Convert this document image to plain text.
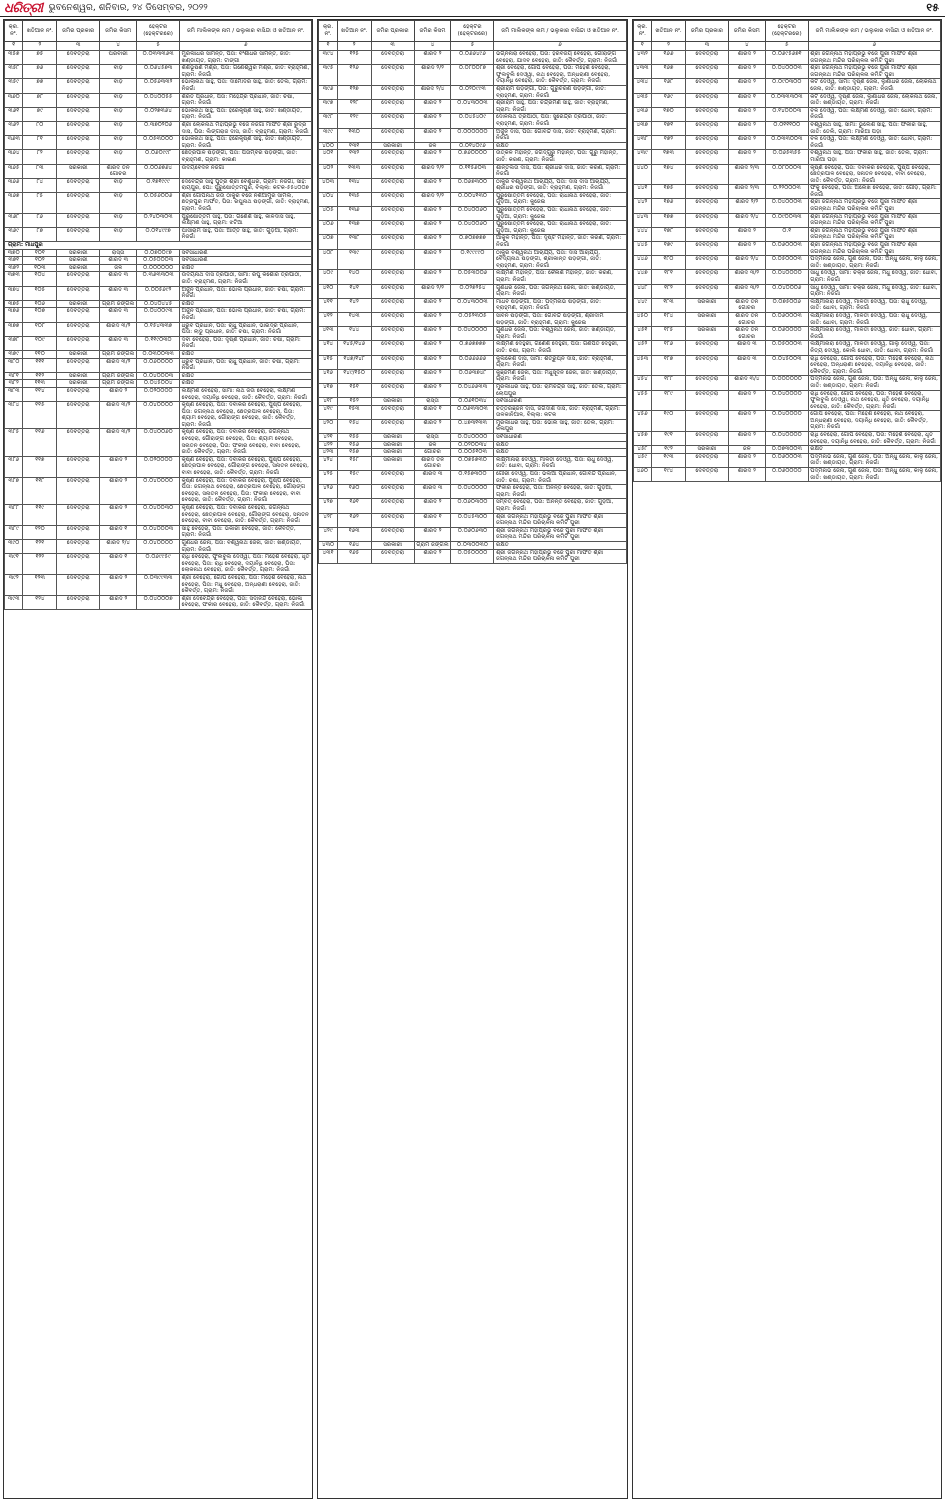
ଧରିତ୍ରୀ ଭୁବନେଶ୍ୱର, ଶନିବାର, ୨୪ ଡିସେମ୍ବର, ୨୦୨୨	୧୫
କ୍ର. ନଂ.	ଖତିଆନ ନଂ.	ଜମିର ପ୍ରକାର	ଜମିର କିସମ	ହେକ୍ଟର (ହେକ୍ଟରରେ)	ଜମି ମାଲିକଙ୍କ ନାମ / ଭଲୁକାର ବାସିନ୍ଦା ଓ ଖତିଆନ ନଂ.
୧	୨	୩	୪	୫	୬
୩୫୭	୭୫	ଦେବତ୍ତରା	ଘରବାରୀ	୦.୦୩୩୩୬୩	ମୁରଲୀଧର ସାମନ୍ତ, ପିତା: ବଂଶୀଧର ସାମନ୍ତ, ଜାତି: ଖଣ୍ଡାୟତ, ଗ୍ରାମ: ଟାଙ୍ଗୀ
୩୫୮	୭୬	ଦେବତ୍ତରା	ବାଡ଼	୦.୦୬୪୫୭୩	ଶଶିଭୂଷଣ ମିଶ୍ର, ପିତା: ଗଣେଶ୍ୱର ମିଶ୍ର, ଜାତି: ବ୍ରାହ୍ମଣ, ଗ୍ରାମ: ନିଜଗାଁ
୩୫୯	୭୭	ଦେବତ୍ତରା	ବାଡ଼	୦.୦୫୬୩୩୨	ଭୋଲାନାଥ ସାହୁ, ପିତା: ଦାମୋଦର ସାହୁ, ଜାତି: ତେଲି, ଗ୍ରାମ: ନିଜଗାଁ
୩୬୦	୭୮	ଦେବତ୍ତରା	ବାଡ଼	୦.୦୪୦୦୫୫	ଶରତ ପ୍ରଧାନ, ପିତା: ମହେନ୍ଦ୍ର ପ୍ରଧାନ, ଜାତି: ଚଷା, ଗ୍ରାମ: ନିଜଗାଁ
୩୬୧	୭୯	ଦେବତ୍ତରା	ବାଡ଼	୦.୦୨୭୩୬୪	ଭୋକନାଥ ସାହୁ, ପିତା: ହରେକୃଷ୍ଣ ସାହୁ, ଜାତି: ଖଣ୍ଡାୟତ, ଗ୍ରାମ: ନିଜଗାଁ
୩୬୨	୮୦	ଦେବତ୍ତରା	ବାଡ଼	୦.୩୭୦୨୦୬	ଶ୍ରୀ ଲୋକନାଥ ମହାପ୍ରଭୁ ବିଜେ ନିଜଗାଁ ମାର୍ଫତ ଶ୍ରୀ ରୁଦ୍ର ଦାସ, ପିତା: ଲିଙ୍ଗରାଜ ଦାସ, ଜାତି: ବ୍ରାହ୍ମଣ, ଗ୍ରାମ: ନିଜଗାଁ
୩୬୩	୮୧	ଦେବତ୍ତରା	ବାଡ଼	୦.୦୫୩୦୦୦	ଭୋକନାଥ ସାହୁ, ପିତା: ହରେକୃଷ୍ଣ ସାହୁ, ଜାତି: ଖଣ୍ଡାୟତ, ଗ୍ରାମ: ନିଜଗାଁ
୩୬୪	୮୨	ଦେବତ୍ତରା	ବାଡ଼	୦.୦୬୦୯୯୮	ଛେତ୍ରପାଳ ଷଡ଼ଙ୍ଗୀ, ପିତା: ପିତାମ୍ବର ଷଡ଼ଙ୍ଗୀ, ଜାତି: ବ୍ରାହ୍ମଣ, ଗ୍ରାମ: କାଇଣ
୩୬୫	୮୩	ସରକାରୀ	ଶାରଦ ତିନି ଗୋଚର	୦.୦୦୬୭୬୪	ଉଦୟବେଦନ ନିଜଗାଁ
୩୬୬	୮୪	ଦେବତ୍ତରା	ବାଡ଼	୦.୧୭୧୯୯୯	ଦେବେନ୍ଦ୍ର ସାହୁ ପୁତ୍ର ଶ୍ରୀ ବେଣୁଧର, ଗ୍ରାମ: ନିଜଗାଁ, ସାହି: ରାୟପୁର, ପୋ: ପୁରୁଷୋତ୍ତମପୁର, ବିଲ୍ଲା: କଟକ-୫୫୪୦୦୭
୩୬୭	୮୫	ଦେବତ୍ତରା	ବାଡ଼	୦.୦୫୬୦୦୬	ଶ୍ରୀ ଗୋପିନାଥ ଜିଉ ଠାକୁର ବିଜେ ନିଶିଆମୁର ସାମିଲ, ଛତ୍ରପୁର ମାର୍ଫତ, ପିତା: ରଘୁନାଥ ଷଡ଼ଙ୍ଗୀ, ଜାତି: ବ୍ରାହ୍ମଣ, ଗ୍ରାମ: ନିଜଗାଁ
୩୬୮	୮୬	ଦେବତ୍ତରା	ବାଡ଼	୦.୨୪୦୩୦୩	ପୁରୁଷୋତ୍ତମ ସାହୁ, ପିତା: ଗଣେଶ ସାହୁ, କାଳିଦାସ ସାହୁ, ଲକ୍ଷ୍ମଣ ସାହୁ, ଗ୍ରାମ: ଝଟିଆ
୩୬୯	୮୭	ଦେବତ୍ତରା	ବାଡ଼	୦.୦୧୪୯୯୭	ଘାସୀରାମ ସାହୁ, ପିତା: ଆର୍ତ୍ତ ସାହୁ, ଜାତି: ଗୁଡ଼ିଆ, ଗ୍ରାମ: ନିଜଗାଁ
ଗ୍ରାମ: ମାଧପୁର					
୩୭୦	୧୦୧	ସରକାରୀ	ରାସ୍ତା	୦.୦୭୦୦୯୭	ସର୍ବସାଧାରଣ
୩୭୧	୧୦୨	ସରକାରୀ	ଶାରଦ ୩	୦.୦୫୦୦୦୩	ସର୍ବସାଧାରଣ
୩୭୨	୧୦୩	ସରକାରୀ	ଜଳ	୦.୦୦୦୦୦୦	ରକ୍ଷିତ
୩୭୩	୧୦୪	ଦେବତ୍ତରା	ଶାରଦ ୩	୦.୩୬୩୩୦୩	ଉଦୟନାଥ ଦାସ ତ୍ରିପାଠୀ, ସାମା: ରଘୁ କିଶୋର ତ୍ରିପାଠୀ, ଜାତି: ବ୍ରାହ୍ମଣ, ଗ୍ରାମ: ନିଜଗାଁ
୩୭୪	୧୦୫	ଦେବତ୍ତରା	ଶାରଦ ୩	୦.୦୦୫୬୯୨	ଅର୍ଜୁନ ପ୍ରଧାନ, ପିତା: ଭୋଲି ପ୍ରଧାନ, ଜାତି: ଚଷା, ଗ୍ରାମ: ନିଜଗାଁ
୩୭୫	୧୦୬	ସରକାରୀ	ଗ୍ରାମ ଜଙ୍ଗଲ	୦.୦୪୦୪୪୫	ରକ୍ଷିତ
୩୭୬	୧୦୭	ଦେବତ୍ତରା	ଶାରଦ ୩	୦.୦୪୦୦୯୩	ଅର୍ଜୁନ ପ୍ରଧାନ, ପିତା: ଭୋଲି ପ୍ରଧାନ, ଜାତି: ଚଷା, ଗ୍ରାମ: ନିଜଗାଁ
୩୭୭	୧୦୮	ଦେବତ୍ତରା	ଶାରଦ ୩/୨	୦.୧୫୪୩୩୭	ଧ୍ରୁବ ପ୍ରଧାନ, ପିତା: ରାଧୁ ପ୍ରଧାନ, ଭାଇଦ୍ର ପ୍ରଧାନ, ପିତା: ଲାଡୁ ପ୍ରଧାନ, ଜାତି: ଚଷା, ଗ୍ରାମ: ନିଜଗାଁ
୩୭୮	୧୦୯	ଦେବତ୍ତରା	ଶାରଦ ୩	୦.୧୧୯୦୩୦	ଦିବା ବେହେରା, ପିତା: ଦୃଷ୍ଣ ପ୍ରଧାନ, ଜାତି: ଚଷା, ଗ୍ରାମ: ନିଜଗାଁ
୩୭୯	୧୧୦	ସରକାରୀ	ଗ୍ରାମ ଜଙ୍ଗଲ	୦.୦୩୦୦୩୩	ରକ୍ଷିତ
୩୮୦	୧୧୧	ଦେବତ୍ତରା	ଶାରଦ ୩/୨	୦.୦୬୦୦୦୦	ଧ୍ରୁବ ପ୍ରଧାନ, ପିତା: ରାଧୁ ପ୍ରଧାନ, ଜାତି: ଚଷା, ଗ୍ରାମ: ନିଜଗାଁ
୩୮୧	୧୧୨	ସରକାରୀ	ଗ୍ରାମ ଜଙ୍ଗଲ	୦.୦୪୦୦୦୩	ରକ୍ଷିତ
୩୮୨	୧୧୩	ସରକାରୀ	ଗ୍ରାମ ଜଙ୍ଗଲ	୦.୦୪୫୦୦୪	ରକ୍ଷିତ
୩୮୩	୧୧୪	ଦେବତ୍ତରା	ଶାରଦ ୨	୦.୦୨୦୦୦୦	ଲକ୍ଷ୍ମଣ ବେହେରା, ସାମା: ନାଥ ଜିଉ ବେହେରା, ଲକ୍ଷ୍ମଣ ବେହେରା, ଦୟାନିଧି ବେହେରା, ଜାତି: କୈବର୍ତ୍ତ, ଗ୍ରାମ: ନିଜଗାଁ
୩୮୪	୧୧୫	ଦେବତ୍ତରା	ଶାରଦ ୩/୨	୦.୦୪୦୦୦୦	କୃଷ୍ଣ ବେହେରା, ପିତା: ଦିବାକର ବେହେରା, ପୁଷ୍ପ ବେହେରା, ପିତା: ଜଗନ୍ନାଥ ବେହେରା, ଛେତ୍ରପାଳ ବେହେରା, ପିତା: ଶ୍ୟାମ ବେହେରା, ଗୌରାଙ୍ଗ ବେହେରା, ଜାତି: କୈବର୍ତ୍ତ, ଗ୍ରାମ: ନିଜଗାଁ
୩୮୫	୧୧୬	ଦେବତ୍ତରା	ଶାରଦ ୩/୨	୦.୦୪୦୦୬୦	କୃଷ୍ଣ ବେହେରା, ପିତା: ଦିବାକର ବେହେରା, ଜଗନ୍ନାଥ ବେହେରା, ଗୌରାଙ୍ଗ ବେହେରା, ପିତା: ଶ୍ୟାମ ବେହେରା, ସନାତନ ବେହେରା, ପିତା: ଫକୀର ବେହେରା, ବାବା ବେହେରା, ଜାତି: କୈବର୍ତ୍ତ, ଗ୍ରାମ: ନିଜଗାଁ
୩୮୬	୧୧୭	ଦେବତ୍ତରା	ଶାରଦ ୨	୦.୦୨୦୦୦୦	କୃଷ୍ଣ ବେହେରା, ପିତା: ଦିବାକର ବେହେରା, ପୁଷ୍ପ ବେହେରା, ଛେତ୍ରପାଳ ବେହେରା, ଗୌରାଙ୍ଗ ବେହେରା, ସନାତନ ବେହେରା, ବାବା ବେହେରା, ଜାତି: କୈବର୍ତ୍ତ, ଗ୍ରାମ: ନିଜଗାଁ
୩୮୭	୧୧୮	ଦେବତ୍ତରା	ଶାରଦ ୨	୦.୦୪୦୦୦୦	କୃଷ୍ଣ ବେହେରା, ପିତା: ଦିବାକର ବେହେରା, ପୁଷ୍ପ ବେହେରା, ପିତା: ଜଗନ୍ନାଥ ବେହେରା, ଛେତ୍ରପାଳ ବେହେରା, ଗୌରାଙ୍ଗ ବେହେରା, ସନାତନ ବେହେରା, ପିତା: ଫକୀର ବେହେରା, ବାବା ବେହେରା, ଜାତି: କୈବର୍ତ୍ତ, ଗ୍ରାମ: ନିଜଗାଁ
୩୮୮	୧୧୯	ଦେବତ୍ତରା	ଶାରଦ ୨	୦.୦୪୦୦୩୦	କୃଷ୍ଣ ବେହେରା, ପିତା: ଦିବାକର ବେହେରା, ଜଗନ୍ନାଥ ବେହେରା, ଛେତ୍ରପାଳ ବେହେରା, ଗୌରାଙ୍ଗ ବେହେରା, ସନାତନ ବେହେରା, ବାବା ବେହେରା, ଜାତି: କୈବର୍ତ୍ତ, ଗ୍ରାମ: ନିଜଗାଁ
୩୮୯	୧୨୦	ଦେବତ୍ତରା	ଶାରଦ ୧	୦.୦୪୦୦୦୩	ସାହୁ ବେହେରା, ପିତା: ଭିକାରୀ ବେହେରା, ଜାତି: କୈବର୍ତ୍ତ, ଗ୍ରାମ: ନିଜଗାଁ
୩୯୦	୧୨୧	ଦେବତ୍ତରା	ଶାରଦ ୨/୪	୦.୦୪୦୦୦୦	ଗୁଣଧର ଜେନା, ପିତା: ବିଶ୍ୱନାଥ ଜେନା, ଜାତି: ଖଣ୍ଡାୟତ, ଗ୍ରାମ: ନିଜଗାଁ
୩୯୧	୧୨୨	ଦେବତ୍ତରା	ଶାରଦ ୧	୦.୦୬୯୯୫୯	ରାଧି ବେହେରା, ଫୁଲବୁଲି ଦେଓ୍ୱା, ପିତା: ମହେଶ ବେହେରା, ଧୃତି ବେହେରା, ପିତା: ରାଧି ବେହେରା, ଦୟାନିଧି ବେହେରା, ପିତା: ଲୋକନାଥ ବେହେରା, ଜାତି: କୈବର୍ତ୍ତ, ଗ୍ରାମ: ନିଜଗାଁ
୩୯୨	୧୨୩	ଦେବତ୍ତରା	ଶାରଦ ୨	୦.୦୩୯୯୩୩	ଶ୍ରୀ ବେହେରା, ଗୋପି ବେହେରା, ପିତା: ମହେଶ ବେହେରା, ନାଥ ବେହେରା, ପିତା: ମଧୁ ବେହେରା, ଅନ୍ଧରାଣୀ ବେହେରା, ଜାତି: କୈବର୍ତ୍ତ, ଗ୍ରାମ: ନିଜଗାଁ
୩୯୩	୧୨୪	ଦେବତ୍ତରା	ଶାରଦ ୨	୦.୦୪୦୦୦୭	ଶ୍ରୀ ଦେବେନ୍ଦ୍ର ବେହେରା, ପିତା: ସଦାନନ୍ଦ ବେହେରା, ଭୋଳା ବେହେରା, ଫକୀର ବେହେରା, ଜାତି: କୈବର୍ତ୍ତ, ଗ୍ରାମ: ନିଜଗାଁ
କ୍ର. ନଂ.	ଖତିଆନ ନଂ.	ଜମିର ପ୍ରକାର	ଜମିର କିସମ	ହେକ୍ଟର (ହେକ୍ଟରରେ)	ଜମି ମାଲିକଙ୍କ ନାମ / ଭଲୁକାର ବାସିନ୍ଦା ଓ ଖତିଆନ ନଂ.
୧	୨	୩	୪	୫	୬
୩୯୪	୧୨୫	ଦେବତ୍ତରା	ଶାରଦ ୨	୦.୦୬୬୪୯୬	ଭଗ୍ନନାରା ବେହେରା, ପିତା: ହରିବିଜୟ ବେହେରା, ଗୌରାଙ୍ଗ ବେହେରା, ଯାଦବ ବେହେରା, ଜାତି: କୈବର୍ତ୍ତ, ଗ୍ରାମ: ନିଜଗାଁ
୩୯୫	୧୨୬	ଦେବତ୍ତରା	ଶାରଦ ୨/୨	୦.୦୮୦୦୮୭	ଶ୍ରୀ ବେହେରା, ଗୋପି ବେହେରା, ପିତା: ମହେଶ ବେହେରା, ଫୁଲବୁଲି ଦେଓ୍ୱା, ନାଥ ବେହେରା, ଅନ୍ଧରାଣୀ ବେହେରା, ଦୟାନିଧି ବେହେରା, ଜାତି: କୈବର୍ତ୍ତ, ଗ୍ରାମ: ନିଜଗାଁ
୩୯୬	୧୨୭	ଦେବତ୍ତରା	ଶାରଦ ୨/୪	୦.୦୨୦୯୯୩	ଶ୍ରୀରାମ ଷଡ଼ଙ୍ଗୀ, ପିତା: ଗୁରୁଚରଣ ଷଡ଼ଙ୍ଗୀ, ଜାତି: ବ୍ରାହ୍ମଣ, ଗ୍ରାମ: ନିଜଗାଁ
୩୯୭	୧୨୮	ଦେବତ୍ତରା	ଶାରଦ ୨	୦.୦୪୩୦୦୩	ଶ୍ରୀରାମ ସାହୁ, ପିତା: ଚନ୍ଦ୍ରମଣି ସାହୁ, ଜାତି: ବ୍ରାହ୍ମଣ, ଗ୍ରାମ: ନିଜଗାଁ
୩୯୮	୧୨୯	ଦେବତ୍ତରା	ଶାରଦ ୨	୦.୦୪୫୪୦୯	ଦୋଳିନାଥ ତ୍ରିପାଠୀ, ପିତା: ସୁରେନ୍ଦ୍ର ତ୍ରିପାଠୀ, ଜାତି: ବ୍ରାହ୍ମଣ, ଗ୍ରାମ: ନିଜଗାଁ
୩୯୯	୧୩୦	ଦେବତ୍ତରା	ଶାରଦ ୨	୦.୦୦୦୦୦୦	ଅର୍ଜୁନ ଦାସ, ପିତା: ଗୋବିନ୍ଦ ଦାସ, ଜାତି: ବ୍ରାହ୍ମଣ, ଗ୍ରାମ: ନିଜଗାଁ
୪୦୦	୧୩୧	ସରକାରୀ	ଜଳ	୦.୦୧୪୦୯୬	ରକ୍ଷିତ
୪୦୧	୧୩୨	ଦେବତ୍ତରା	ଶାରଦ ୨	୦.୭୬୦୦୦୦	ଉତ୍କଳ ମହାନ୍ତି, ଜଗଦ୍ଗୁରୁ ମହାନ୍ତି, ପିତା: ଗୁରୁ ମହାନ୍ତି, ଜାତି: କରଣ, ଗ୍ରାମ: ନିଜଗାଁ
୪୦୨	୧୩୩	ଦେବତ୍ତରା	ଶାରଦ ୨/୨	୦.୧୧୫୬୦୩	ଶାନ୍ତିଲତା ଦାସ, ପିତା: ଶ୍ରୀଧର ଦାସ, ଜାତି: କରଣ, ଗ୍ରାମ: ନିଜଗାଁ
୪୦୩	୧୩୪	ଦେବତ୍ତରା	ଶାରଦ ୨	୦.୦୬୭୩୦୦	ଠାକୁର ବିଶ୍ୱନାଥ ଆଚାର୍ଯ୍ୟ, ପିତା: ଦାସ ଦାସ ଆଚାର୍ଯ୍ୟ, ଶ୍ରୀଧର ଷଡ଼ଙ୍ଗୀ, ଜାତି: ବ୍ରାହ୍ମଣ, ଗ୍ରାମ: ନିଜଗାଁ
୪୦୪	୧୩୫	ଦେବତ୍ତରା	ଶାରଦ ୨/୨	୦.୦୦୪୧୩୦	ପୁରୁଷୋତ୍ତମ ବେହେରା, ପିତା: ରାଧାନାଥ ବେହେରା, ଜାତି: ଗୁଡ଼ିଆ, ଗ୍ରାମ: କୁଜେଇ
୪୦୫	୧୩୬	ଦେବତ୍ତରା	ଶାରଦ ୨	୦.୦୪୦୦୬୦	ପୁରୁଷୋତ୍ତମ ବେହେରା, ପିତା: ରାଧାନାଥ ବେହେରା, ଜାତି: ଗୁଡ଼ିଆ, ଗ୍ରାମ: କୁଜେଇ
୪୦୬	୧୩୭	ଦେବତ୍ତରା	ଶାରଦ ୨	୦.୦୪୦୦୬୦	ପୁରୁଷୋତ୍ତମ ବେହେରା, ପିତା: ରାଧାନାଥ ବେହେରା, ଜାତି: ଗୁଡ଼ିଆ, ଗ୍ରାମ: କୁଜେଇ
୪୦୭	୧୩୮	ଦେବତ୍ତରା	ଶାରଦ ୨	୦.୭୦୭୭୭୭	ଆକୁଳି ମହାନ୍ତି, ପିତା: ଦୃଷ୍ଟ ମହାନ୍ତି, ଜାତି: କରଣ, ଗ୍ରାମ: ନିଜଗାଁ
୪୦୮	୧୩୯	ଦେବତ୍ତରା	ଶାରଦ ୨	୦.୧୯୯୯୯୦	ଠାକୁର ବିଶ୍ୱନାଥ ଆଚାର୍ଯ୍ୟ, ପିତା: ଦାସ ଆଚାର୍ଯ୍ୟ, ବୈଦ୍ୟନାଥ ଷଡ଼ଙ୍ଗୀ, ଶ୍ରୀକାନ୍ତ ଷଡ଼ଙ୍ଗୀ, ଜାତି: ବ୍ରାହ୍ମଣ, ଗ୍ରାମ: ନିଜଗାଁ
୪୦୯	୧୪୦	ଦେବତ୍ତରା	ଶାରଦ ୨	୦.୦୫୩୦୦୬	ଲକ୍ଷ୍ମଣ ମହାନ୍ତି, ପିତା: କୈଳାଶ ମହାନ୍ତି, ଜାତି: କରଣ, ଗ୍ରାମ: ନିଜଗାଁ
୪୧୦	୧୪୧	ଦେବତ୍ତରା	ଶାରଦ ୨/୨	୦.୦୨୭୨୫୪	ଗୁଣଧର ଜେନା, ପିତା: ଜଗନ୍ନାଥ ଜେନା, ଜାତି: ଖଣ୍ଡାୟତ, ଗ୍ରାମ: ନିଜଗାଁ
୪୧୧	୧୪୨	ଦେବତ୍ତରା	ଶାରଦ ୨	୦.୦୪୩୦୦୩	ମାଧବ ଷଡ଼ଙ୍ଗୀ, ପିତା: ପଦ୍ମନାଭ ଷଡ଼ଙ୍ଗୀ, ଜାତି: ବ୍ରାହ୍ମଣ, ଗ୍ରାମ: ନିଜଗାଁ
୪୧୨	୧୪୩	ଦେବତ୍ତରା	ଶାରଦ ୨	୦.୦୫୨୩୦୫	ସାବନ ଷଡ଼ଙ୍ଗୀ, ପିତା: ଗୋବିନ୍ଦ ଷଡ଼ଙ୍ଗୀ, ଶ୍ରୀଦାମ ଷଡ଼ଙ୍ଗୀ, ଜାତି: ବ୍ରାହ୍ମଣ, ଗ୍ରାମ: କୁଜେଇ
୪୧୩	୧୪୪	ଦେବତ୍ତରା	ଶାରଦ ୨	୦.୦୪୦୦୦୦	ଗୁଣଧର ଜେନା, ପିତା: ବିଶ୍ୱନାଥ ଜେନା, ଜାତି: ଖଣ୍ଡାୟତ, ଗ୍ରାମ: ନିଜଗାଁ
୪୧୪	୧୪୫/୧୪୬	ଦେବତ୍ତରା	ଶାରଦ ୨	୦.୭୬୭୭୭୭	ଲକ୍ଷ୍ମଣ ଦେହୁରୀ, ଗଣେଶ ଦେହୁରୀ, ପିତା: ଗଣପତି ଦେହୁରୀ, ଜାତି: ଚଷା, ଗ୍ରାମ: ନିଜଗାଁ
୪୧୫	୧୪୭/୧୪୮	ଦେବତ୍ତରା	ଶାରଦ ୨	୦.୦୬୬୬୬୬	କୁଲକେଶ ଦାସ, ସାମା: ଶତ୍ରୁଘ୍ନ ଦାସ, ଜାତି: ବ୍ରାହ୍ମଣ, ଗ୍ରାମ: ନିଜଗାଁ
୪୧୬	୧୪୯/୧୫୦	ଦେବତ୍ତରା	ଶାରଦ ୨	୦.୦୬୩୭୪୮	କୁଞ୍ଜମଣି ଜେନା, ପିତା: ମଧୁସୂଦନ ଜେନା, ଜାତି: ଖଣ୍ଡାୟତ, ଗ୍ରାମ: ନିଜଗାଁ
୪୧୭	୧୫୧	ଦେବତ୍ତରା	ଶାରଦ ୨	୦.୦୪୬୬୩୩	ମୁରଲୀଧର ସାହୁ, ପିତା: ରାମଚନ୍ଦ୍ର ସାହୁ, ଜାତି: ତେଲି, ଗ୍ରାମ: ଲୋପପୁର
୪୧୮	୧୫୨	ସରକାରୀ	ରାସ୍ତା	୦.୦୬୧୦୩୪	ସର୍ବସାଧାରଣ
୪୧୯	୧୫୩	ଦେବତ୍ତରା	ଶାରଦ ୧	୦.୦୬୩୩୦୩	ଚିତ୍ତରଞ୍ଜନ ଦାସ, ଜଗଦୀଶ ଦାସ, ଜାତି: ବ୍ରାହ୍ମଣ, ଗ୍ରାମ: ତାଳକାନିଆଳ, ବିଲ୍ଲା: କଟକ
୪୨୦	୧୫୪	ଦେବତ୍ତରା	ଶାରଦ ୨	୦.୪୭୩୧୩୩	ମୁରଲୀଧର ସାହୁ, ପିତା: ଭୋଲି ସାହୁ, ଜାତି: ତେଲି, ଗ୍ରାମ: କଳାପୁର
୪୨୧	୧୫୫	ସରକାରୀ	ରାସ୍ତା	୦.୦୪୦୦୦୦	ସର୍ବସାଧାରଣ
୪୨୨	୧୫୬	ସରକାରୀ	ଜଳ	୦.୦୨୦୦୩୪	ରକ୍ଷିତ
୪୨୩	୧୫୭	ସରକାରୀ	ଗୋଚର	୦.୦୦୫୧୦୩	ରକ୍ଷିତ
୪୨୪	୧୫୮	ସରକାରୀ	ଶାରଦ ତିନି ଗୋଚର	୦.୦୭୫୭୩୦	ଲକ୍ଷ୍ମୀନାରା ଦେଓ୍ୱ, ମାଳତୀ ଦେଓ୍ୱ, ପିତା: ରାଧୁ ଦେଓ୍ୱ, ଜାତି: ଧୋବା, ଗ୍ରାମ: ନିଜଗାଁ
୪୨୫	୧୫୯	ଦେବତ୍ତରା	ଶାରଦ ୩	୦.୧୫୭୩୦୦	ଗୌରୀ ଦେଓ୍ୱ, ପିତା: ଭଲିଆ ପ୍ରଧାନ, ଗୋବିନ୍ଦ ପ୍ରଧାନ, ଜାତି: ଚଷା, ଗ୍ରାମ: ନିଜଗାଁ
୪୨୬	୧୬୦	ଦେବତ୍ତରା	ଶାରଦ ୩	୦.୦୪୦୦୦୦	ଫକୀର ବେହେରା, ପିତା: ଅନନ୍ତ ବେହେରା, ଜାତି: ଗୁଡ଼ିଆ, ଗ୍ରାମ: ନିଜଗାଁ
୪୨୭	୧୬୧	ଦେବତ୍ତରା	ଶାରଦ ୨	୦.୦୬୦୩୦୦	ସମ୍ବିତ୍ ବେହେରା, ପିତା: ଅନନ୍ତ ବେହେରା, ଜାତି: ଗୁଡ଼ିଆ, ଗ୍ରାମ: ନିଜଗାଁ
୪୨୮	୧୬୨	ଦେବତ୍ତରା	ଶାରଦ ୧	୦.୦୪୫୩୦୦	ଶ୍ରୀ ଜଗନ୍ନାଥ ମହାପ୍ରଭୁ ବିଜେ ପୁରୀ ମାର୍ଫତ ଶ୍ରୀ ଜଗନ୍ନାଥ ମନ୍ଦିର ପରିଚାଳନା କମିଟି ପୁରୀ
୪୨୯	୧୬୩	ଦେବତ୍ତରା	ଶାରଦ ୨	୦.୦୬୦୬୩୦	ଶ୍ରୀ ଜଗନ୍ନାଥ ମହାପ୍ରଭୁ ବିଜେ ପୁରୀ ମାର୍ଫତ ଶ୍ରୀ ଜଗନ୍ନାଥ ମନ୍ଦିର ପରିଚାଳନା କମିଟି ପୁରୀ
୪୩୦	୧୬୪	ସରକାରୀ	ଗ୍ରାମ ଜଙ୍ଗଲ	୦.୦୩୦୦୩୦	ରକ୍ଷିତ
୪୩୧	୧୬୫	ଦେବତ୍ତରା	ଶାରଦ ୨	୦.୦୫୦୦୦୦	ଶ୍ରୀ ଜଗନ୍ନାଥ ମହାପ୍ରଭୁ ବିଜେ ପୁରୀ ମାର୍ଫତ ଶ୍ରୀ ଜଗନ୍ନାଥ ମନ୍ଦିର ପରିଚାଳନା କମିଟି ପୁରୀ
କ୍ର. ନଂ.	ଖତିଆନ ନଂ.	ଜମିର ପ୍ରକାର	ଜମିର କିସମ	ହେକ୍ଟର (ହେକ୍ଟରରେ)	ଜମି ମାଲିକଙ୍କ ନାମ / ଭଲୁକାର ବାସିନ୍ଦା ଓ ଖତିଆନ ନଂ.
୧	୨	୩	୪	୫	୬
୪୩୨	୧୬୬	ଦେବତ୍ତରା	ଶାରଦ ୨	୦.୦୬୯୫୬୭୧	ଶ୍ରୀ ଜଗନ୍ନାଥ ମହାପ୍ରଭୁ ବିଜେ ପୁରୀ ମାର୍ଫତ ଶ୍ରୀ ଜଗନ୍ନାଥ ମନ୍ଦିର ପରିଚାଳନା କମିଟି ପୁରୀ
୪୩୩	୧୬୭	ଦେବତ୍ତରା	ଶାରଦ ୨	୦.୦୪୦୦୦୩	ଶ୍ରୀ ଜଗନ୍ନାଥ ମହାପ୍ରଭୁ ବିଜେ ପୁରୀ ମାର୍ଫତ ଶ୍ରୀ ଜଗନ୍ନାଥ ମନ୍ଦିର ପରିଚାଳନା କମିଟି ପୁରୀ
୪୩୪	୧୬୮	ଦେବତ୍ତରା	ଶାରଦ ୨	୦.୦୯୦୩୦୦	କିଟି ଦେଓ୍ୱ, ସାମା: ଦୃଷ୍ଣ ଜେନା, ଲୁଣାଧର ଜେନା, ଲୋକନାଥ ଜେନା, ଜାତି: ଖଣ୍ଡାୟତ, ଗ୍ରାମ: ନିଜଗାଁ
୪୩୫	୧୬୯	ଦେବତ୍ତରା	ଶାରଦ ୧	୦.୦୩୩୩୦୩	କିଟି ଦେଓ୍ୱ, ଦୃଷ୍ଣ ଜେନା, ଲୁଣାଧର ଜେନା, ଲୋକନାଥ ଜେନା, ଜାତି: ଖଣ୍ଡାୟତ, ଗ୍ରାମ: ନିଜଗାଁ
୪୩୬	୧୭୦	ଦେବତ୍ତରା	ଶାରଦ ୨	୦.୧୪୦୦୦୩	ବଳ ଦେଓ୍ୱ, ପିତା: ଲକ୍ଷ୍ମଣ ଦେଓ୍ୱ, ଜାତି: ଧୋବା, ଗ୍ରାମ: ନିଜଗାଁ
୪୩୭	୧୭୧	ଦେବତ୍ତରା	ଶାରଦ ୨	୦.୦୧୧୧୦୦	ବିଶ୍ୱନାଥ ସାହୁ, ସାମା: ଭୁଲେଶ ସାହୁ, ପିତା: ଫକୀର ସାହୁ, ଜାତି: ତେଲି, ଗ୍ରାମ: ମାରିଆ ପଡ଼ା
୪୩୮	୧୭୨	ଦେବତ୍ତରା	ଶାରଦ ୨	୦.୦୩୩୦୦୩	ବଳ ଦେଓ୍ୱ, ପିତା: ଲକ୍ଷ୍ମଣ ଦେଓ୍ୱ, ଜାତି: ଧୋବା, ଗ୍ରାମ: ନିଜଗାଁ
୪୩୯	୧୭୩	ଦେବତ୍ତରା	ଶାରଦ ୨	୦.୦୬୫୩୫୫	ବିଶ୍ୱନାଥ ସାହୁ, ପିତା: ଫକୀର ସାହୁ, ଜାତି: ତେଲି, ଗ୍ରାମ: ମାରିଆ ପଡ଼ା
୪୪୦	୧୭୪	ଦେବତ୍ତରା	ଶାରଦ ୨/୩	୦.୦୮୦୦୦୩	କୃଷ୍ଣ ବେହେରା, ପିତା: ଦିବାକର ବେହେରା, ପୁଷ୍ପ ବେହେରା, ଛେତ୍ରପାଳ ବେହେରା, ସନାତନ ବେହେରା, ବାବା ବେହେରା, ଜାତି: କୈବର୍ତ୍ତ, ଗ୍ରାମ: ନିଜଗାଁ
୪୪୧	୧୭୫	ଦେବତ୍ତରା	ଶାରଦ ୨/୩	୦.୨୨୦୦୦୩	ଫକୁ ବେହେରା, ପିତା: ଅଲେଖ ବେହେରା, ଜାତି: ଗୌଡ଼, ଗ୍ରାମ: ନିଜଗାଁ
୪୪୨	୧୭୬	ଦେବତ୍ତରା	ଶାରଦ ୨/୨	୦.୦୪୦୦୦୩	ଶ୍ରୀ ଜଗନ୍ନାଥ ମହାପ୍ରଭୁ ବିଜେ ପୁରୀ ମାର୍ଫତ ଶ୍ରୀ ଜଗନ୍ନାଥ ମନ୍ଦିର ପରିଚାଳନା କମିଟି ପୁରୀ
୪୪୩	୧୭୭	ଦେବତ୍ତରା	ଶାରଦ ୨/୪	୦.୦୯୦୦୩୩	ଶ୍ରୀ ଜଗନ୍ନାଥ ମହାପ୍ରଭୁ ବିଜେ ପୁରୀ ମାର୍ଫତ ଶ୍ରୀ ଜଗନ୍ନାଥ ମନ୍ଦିର ପରିଚାଳନା କମିଟି ପୁରୀ
୪୪୪	୧୭୮	ଦେବତ୍ତରା	ଶାରଦ ୨	୦.୧	ଶ୍ରୀ ଜଗନ୍ନାଥ ମହାପ୍ରଭୁ ବିଜେ ପୁରୀ ମାର୍ଫତ ଶ୍ରୀ ଜଗନ୍ନାଥ ମନ୍ଦିର ପରିଚାଳନା କମିଟି ପୁରୀ
୪୪୫	୧୭୯	ଦେବତ୍ତରା	ଶାରଦ ୨	୦.୦୬୦୦୦୩	ଶ୍ରୀ ଜଗନ୍ନାଥ ମହାପ୍ରଭୁ ବିଜେ ପୁରୀ ମାର୍ଫତ ଶ୍ରୀ ଜଗନ୍ନାଥ ମନ୍ଦିର ପରିଚାଳନା କମିଟି ପୁରୀ
୪୪୬	୧୮୦	ଦେବତ୍ତରା	ଶାରଦ ୨/୪	୦.୦୫୦୦୦୩	ପଦ୍ମନାଭ ଜେନା, ଗୁଣ ଜେନା, ପିତା: ଅନ୍ଧୁ ଜେନା, କାଳୁ ଜେନା, ଜାତି: ଖଣ୍ଡାୟତ, ଗ୍ରାମ: ନିଜଗାଁ
୪୪୭	୧୮୧	ଦେବତ୍ତରା	ଶାରଦ ୩/୨	୦.୦୪୦୦୦୦	ସାଧୁ ଦେଓ୍ୱ, ସାମା: ଚକ୍ର ଜେନା, ମଧୁ ଦେଓ୍ୱ, ଜାତି: ଧୋବା, ଗ୍ରାମ: ନିଜଗାଁ
୪୪୮	୧୮୨	ଦେବତ୍ତରା	ଶାରଦ ୩/୨	୦.୦୪୦୦୦୬	ସାଧୁ ଦେଓ୍ୱ, ସାମା: ଚକ୍ର ଜେନା, ମଧୁ ଦେଓ୍ୱ, ଜାତି: ଧୋବା, ଗ୍ରାମ: ନିଜଗାଁ
୪୪୯	୧୮୩	ସରକାରୀ	ଶାରଦ ତିନି ଗୋଚର	୦.୦୭୫୦୦୬	ଲକ୍ଷ୍ମୀନାରା ଦେଓ୍ୱ, ମାଳତୀ ଦେଓ୍ୱ, ପିତା: ରାଧୁ ଦେଓ୍ୱ, ଜାତି: ଧୋବା, ଗ୍ରାମ: ନିଜଗାଁ
୪୫୦	୧୮୪	ସରକାରୀ	ଶାରଦ ତିନି ଗୋଚର	୦.୦୬୦୦୦୩	ଲକ୍ଷ୍ମୀନାରା ଦେଓ୍ୱ, ମାଳତୀ ଦେଓ୍ୱ, ପିତା: ରାଧୁ ଦେଓ୍ୱ, ଜାତି: ଧୋବା, ଗ୍ରାମ: ନିଜଗାଁ
୪୫୧	୧୮୫	ସରକାରୀ	ଶାରଦ ତିନି ଗୋଚର	୦.୦୬୦୦୦୦	ଲକ୍ଷ୍ମୀନାରା ଦେଓ୍ୱ, ମାଳତୀ ଦେଓ୍ୱ, ଜାତି: ଧୋବା, ଗ୍ରାମ: ନିଜଗାଁ
୪୫୨	୧୮୬	ଦେବତ୍ତରା	ଶାରଦ ୩	୦.୦୫୦୦୦୩	ଲକ୍ଷ୍ମୀନାରା ଦେଓ୍ୱ, ମାଳତୀ ଦେଓ୍ୱ, ଗାଲୁ ଦେଓ୍ୱ, ପିତା: ନିତ୍ୟ ଦେଓ୍ୱ, କୋଲି ଧୋବା, ଜାତି: ଧୋବା, ଗ୍ରାମ: ନିଜଗାଁ
୪୫୩	୧୮୭	ଦେବତ୍ତରା	ଶାରଦ ୩	୦.୦୪୫୦୦୩	ରାଧି ବେହେରା, ଗୋପି ବେହେରା, ପିତା: ମହେଶ ବେହେରା, ନାଥ ବେହେରା, ଅନ୍ଧରାଣୀ ବେହେରା, ଦୟାନିଧି ବେହେରା, ଜାତି: କୈବର୍ତ୍ତ, ଗ୍ରାମ: ନିଜଗାଁ
୪୫୪	୧୮୮	ଦେବତ୍ତରା	ଶାରଦ ୩/୪	୦.୦୦୦୦୦୦	ପଦ୍ମନାଭ ଜେନା, ଗୁଣ ଜେନା, ପିତା: ଅନ୍ଧୁ ଜେନା, କାଳୁ ଜେନା, ଜାତି: ଖଣ୍ଡାୟତ, ଗ୍ରାମ: ନିଜଗାଁ
୪୫୫	୧୮୯	ଦେବତ୍ତରା	ଶାରଦ ୨	୦.୦୪୦୦୦୦	ରାଧି ବେହେରା, ଗୋପି ବେହେରା, ପିତା: ମହେଶ ବେହେରା, ଫୁଲବୁଲି ଦେଓ୍ୱା, ନାଥ ବେହେରା, ଧୃତି ବେହେରା, ଦୟାନିଧି ବେହେରା, ଜାତି: କୈବର୍ତ୍ତ, ଗ୍ରାମ: ନିଜଗାଁ
୪୫୬	୧୯୦	ଦେବତ୍ତରା	ଶାରଦ ୨	୦.୦୪୦୦୦୦	ଗୋପି ବେହେରା, ପିତା: ମହେଶ ବେହେରା, ନାଥ ବେହେରା, ଅନ୍ଧରାଣୀ ବେହେରା, ଦୟାନିଧି ବେହେରା, ଜାତି: କୈବର୍ତ୍ତ, ଗ୍ରାମ: ନିଜଗାଁ
୪୫୭	୧୯୧	ଦେବତ୍ତରା	ଶାରଦ ୨	୦.୦୪୦୦୦୦	ରାଧି ବେହେରା, ଗୋପି ବେହେରା, ପିତା: ମହେଶ ବେହେରା, ଧୃତି ବେହେରା, ଦୟାନିଧି ବେହେରା, ଜାତି: କୈବର୍ତ୍ତ, ଗ୍ରାମ: ନିଜଗାଁ
୪୫୮	୧୯୨	ସରକାରୀ	ଜଳ	୦.୦୭୩୦୦୩	ରକ୍ଷିତ
୪୫୯	୧୯୩	ଦେବତ୍ତରା	ଶାରଦ ୨	୦.୦୬୦୦୦୩	ପଦ୍ମନାଭ ଜେନା, ଗୁଣ ଜେନା, ପିତା: ଅନ୍ଧୁ ଜେନା, କାଳୁ ଜେନା, ଜାତି: ଖଣ୍ଡାୟତ, ଗ୍ରାମ: ନିଜଗାଁ
୪୬୦	୧୯୪	ଦେବତ୍ତରା	ଶାରଦ ୨	୦.୦୬୦୦୦୦	ପଦ୍ମନାଭ ଜେନା, ଗୁଣ ଜେନା, ପିତା: ଅନ୍ଧୁ ଜେନା, କାଳୁ ଜେନା, ଜାତି: ଖଣ୍ଡାୟତ, ଗ୍ରାମ: ନିଜଗାଁ
